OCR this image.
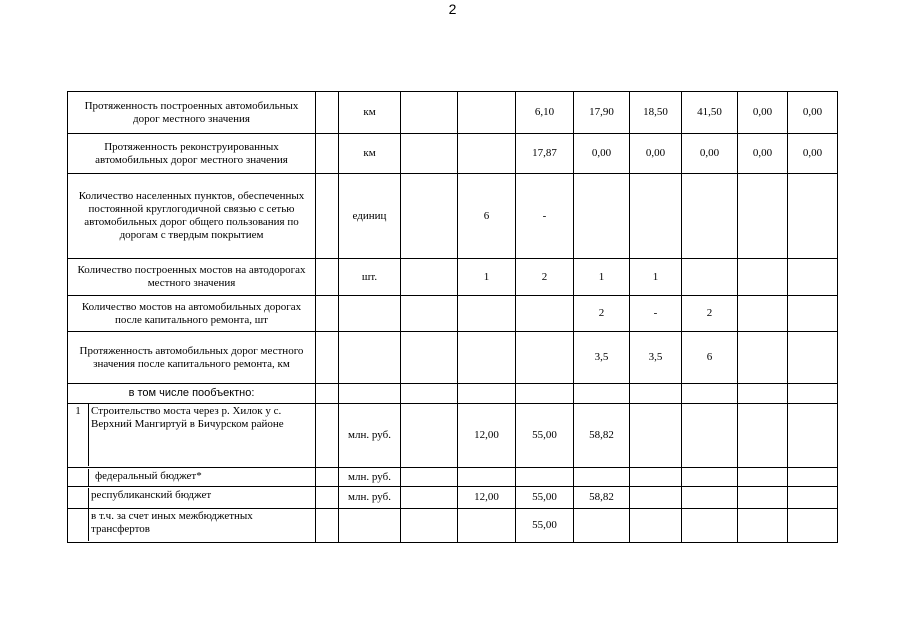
2
Протяженность построенных автомобильных дорог местного значения		км			6,10	17,90	18,50	41,50	0,00	0,00
Протяженность реконструированных автомобильных дорог местного значения		км			17,87	0,00	0,00	0,00	0,00	0,00
Количество населенных пунктов, обеспеченных постоянной круглогодичной связью с сетью автомобильных дорог общего пользования по дорогам с твердым покрытием		единиц		6	-					
Количество построенных мостов на автодорогах местного значения		шт.		1	2	1	1			
Количество мостов на автомобильных дорогах после капитального ремонта, шт						2	-	2		
Протяженность автомобильных дорог местного значения после капитального ремонта, км						3,5	3,5	6		
в том числе пообъектно:										

1 Строительство моста через р. Хилок у с. Верхний Мангиртуй в Бичурском районе		млн. руб.		12,00	55,00	58,82				

федеральный бюджет*		млн. руб.								

республиканский бюджет		млн. руб.		12,00	55,00	58,82				

в т.ч. за счет иных межбюджетных трансфертов					55,00					
